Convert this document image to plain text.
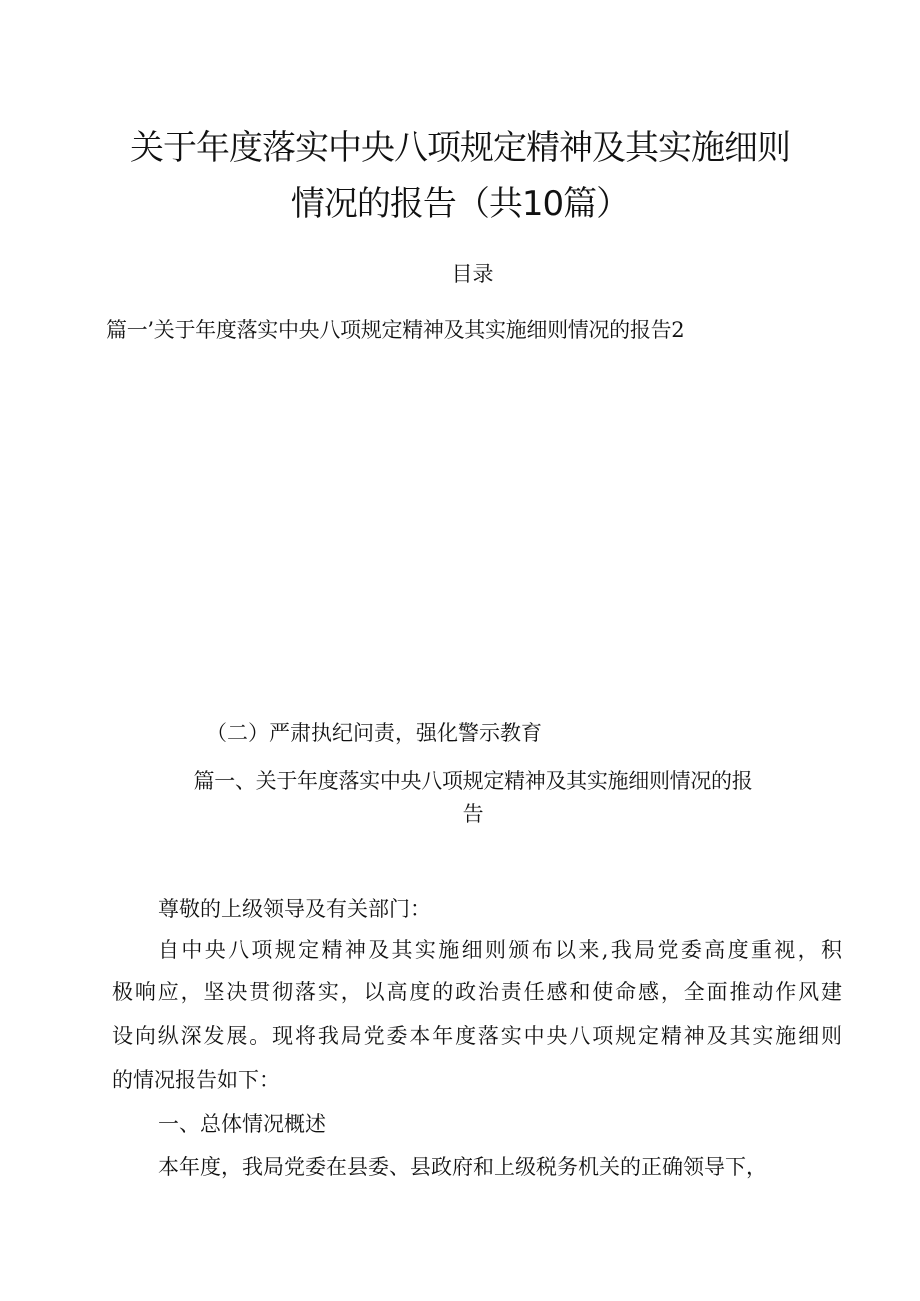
关于年度落实中央八项规定精神及其实施细则
情况的报告（共10篇）
目录
篇一’关于年度落实中央八项规定精神及其实施细则情况的报告2
（二）严肃执纪问责，强化警示教育
篇一、关于年度落实中央八项规定精神及其实施细则情况的报
告
尊敬的上级领导及有关部门：
自中央八项规定精神及其实施细则颁布以来,我局党委高度重视，积
极响应，坚决贯彻落实，以高度的政治责任感和使命感，全面推动作风建
设向纵深发展。现将我局党委本年度落实中央八项规定精神及其实施细则
的情况报告如下：
一、总体情况概述
本年度，我局党委在县委、县政府和上级税务机关的正确领导下，
